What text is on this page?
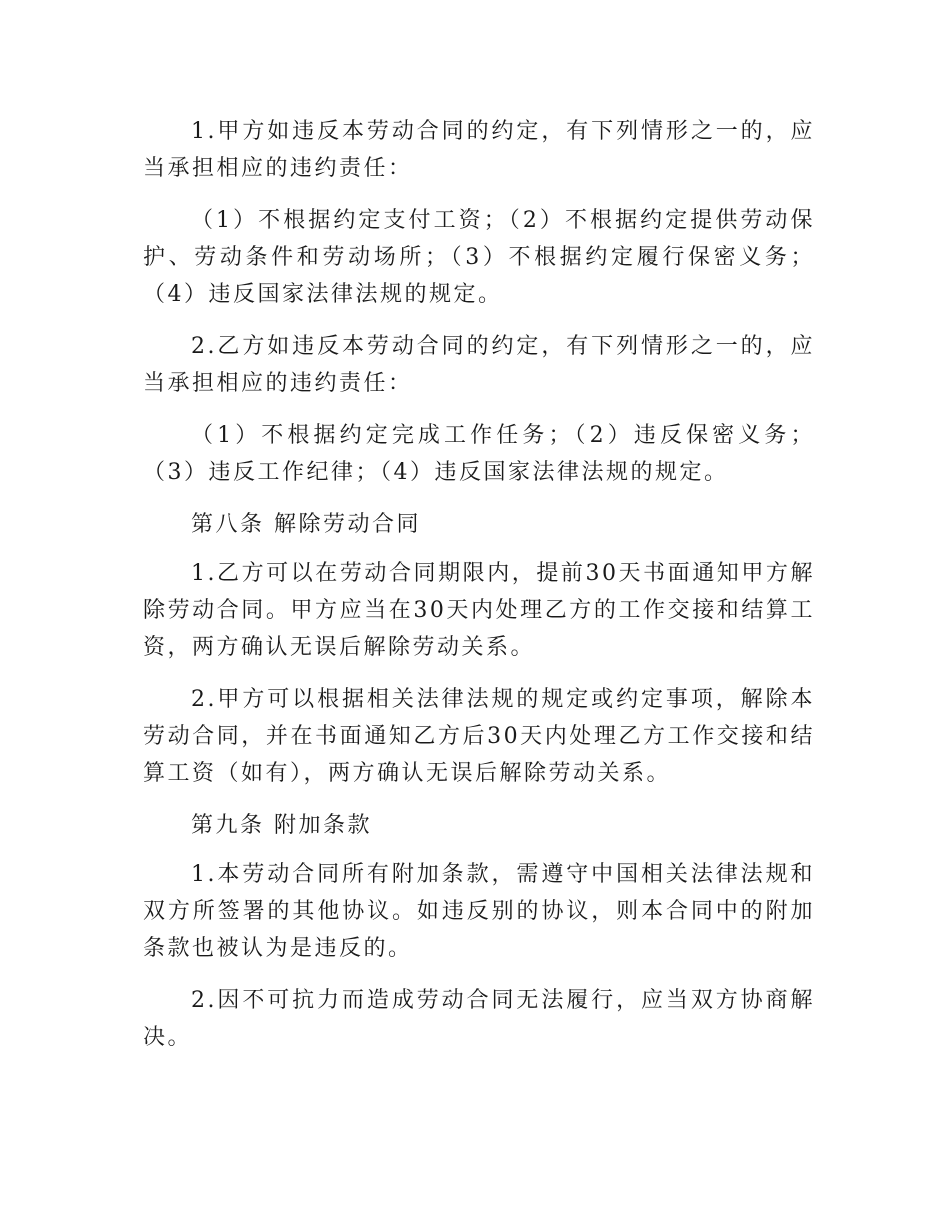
1.甲方如违反本劳动合同的约定，有下列情形之一的，应当承担相应的违约责任：

（1）不根据约定支付工资；（2）不根据约定提供劳动保护、劳动条件和劳动场所；（3）不根据约定履行保密义务；（4）违反国家法律法规的规定。

2.乙方如违反本劳动合同的约定，有下列情形之一的，应当承担相应的违约责任：

（1）不根据约定完成工作任务；（2）违反保密义务；（3）违反工作纪律；（4）违反国家法律法规的规定。

第八条 解除劳动合同

1.乙方可以在劳动合同期限内，提前30天书面通知甲方解除劳动合同。甲方应当在30天内处理乙方的工作交接和结算工资，两方确认无误后解除劳动关系。

2.甲方可以根据相关法律法规的规定或约定事项，解除本劳动合同，并在书面通知乙方后30天内处理乙方工作交接和结算工资（如有），两方确认无误后解除劳动关系。

第九条 附加条款

1.本劳动合同所有附加条款，需遵守中国相关法律法规和双方所签署的其他协议。如违反别的协议，则本合同中的附加条款也被认为是违反的。

2.因不可抗力而造成劳动合同无法履行，应当双方协商解决。
